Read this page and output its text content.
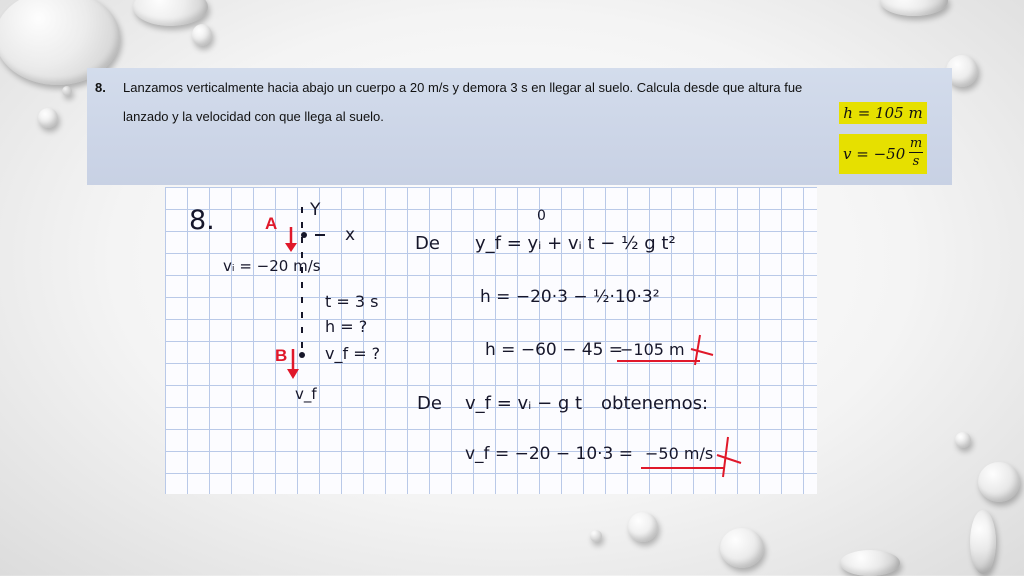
8. Lanzamos verticalmente hacia abajo un cuerpo a 20 m/s y demora 3 s en llegar al suelo. Calcula desde que altura fue
lanzado y la velocidad con que llega al suelo.	h = 105 m
$v = -50 \frac{m}{s}$
8.	Y
x
A
vᵢ = −20 m/s
t = 3 s
h = ?
v_f = ?
B
v_f
0
De y_f = yᵢ + vᵢ t − ½ g t²
h = −20·3 − ½·10·3²
h = −60 − 45 =
−105 m
De v_f = vᵢ − g t obtenemos:
v_f = −20 − 10·3 = −50 m/s
